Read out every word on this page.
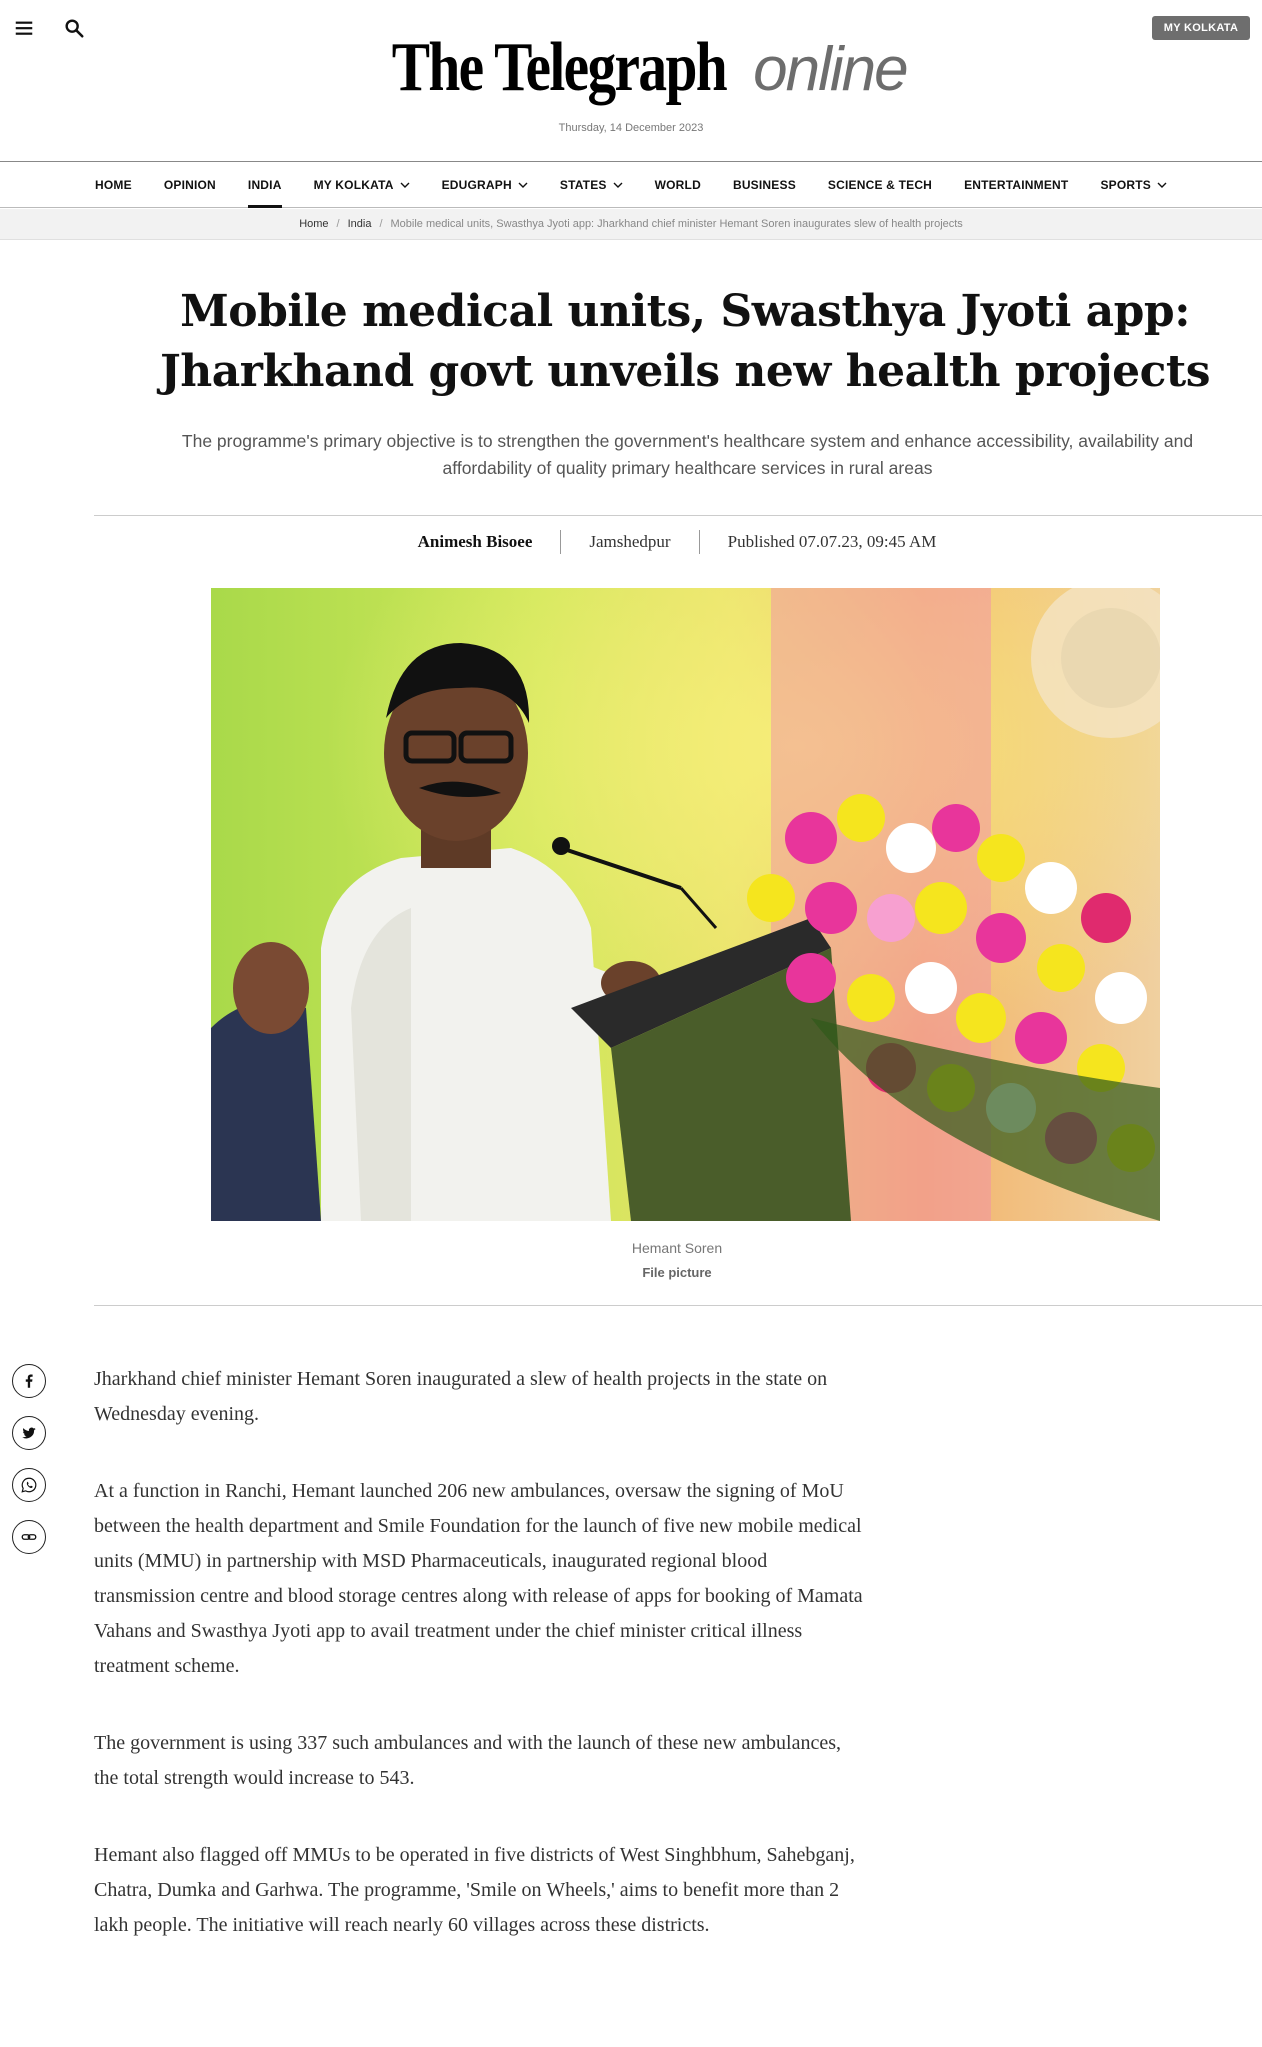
MY KOLKATA
The Telegraph online
Thursday, 14 December 2023
HOME	OPINION	INDIA	MY KOLKATA	EDUGRAPH	STATES	WORLD	BUSINESS	SCIENCE & TECH	ENTERTAINMENT	SPORTS
Home / India / Mobile medical units, Swasthya Jyoti app: Jharkhand chief minister Hemant Soren inaugurates slew of health projects
Mobile medical units, Swasthya Jyoti app:
Jharkhand govt unveils new health projects

The programme's primary objective is to strengthen the government's healthcare system and enhance accessibility, availability and affordability of quality primary healthcare services in rural areas

Animesh Bisoee	Jamshedpur	Published 07.07.23, 09:45 AM
Hemant Soren
File picture

Jharkhand chief minister Hemant Soren inaugurated a slew of health projects in the state on Wednesday evening.

At a function in Ranchi, Hemant launched 206 new ambulances, oversaw the signing of MoU between the health department and Smile Foundation for the launch of five new mobile medical units (MMU) in partnership with MSD Pharmaceuticals, inaugurated regional blood transmission centre and blood storage centres along with release of apps for booking of Mamata Vahans and Swasthya Jyoti app to avail treatment under the chief minister critical illness treatment scheme.

The government is using 337 such ambulances and with the launch of these new ambulances, the total strength would increase to 543.

Hemant also flagged off MMUs to be operated in five districts of West Singhbhum, Sahebganj, Chatra, Dumka and Garhwa. The programme, 'Smile on Wheels,' aims to benefit more than 2 lakh people. The initiative will reach nearly 60 villages across these districts.
